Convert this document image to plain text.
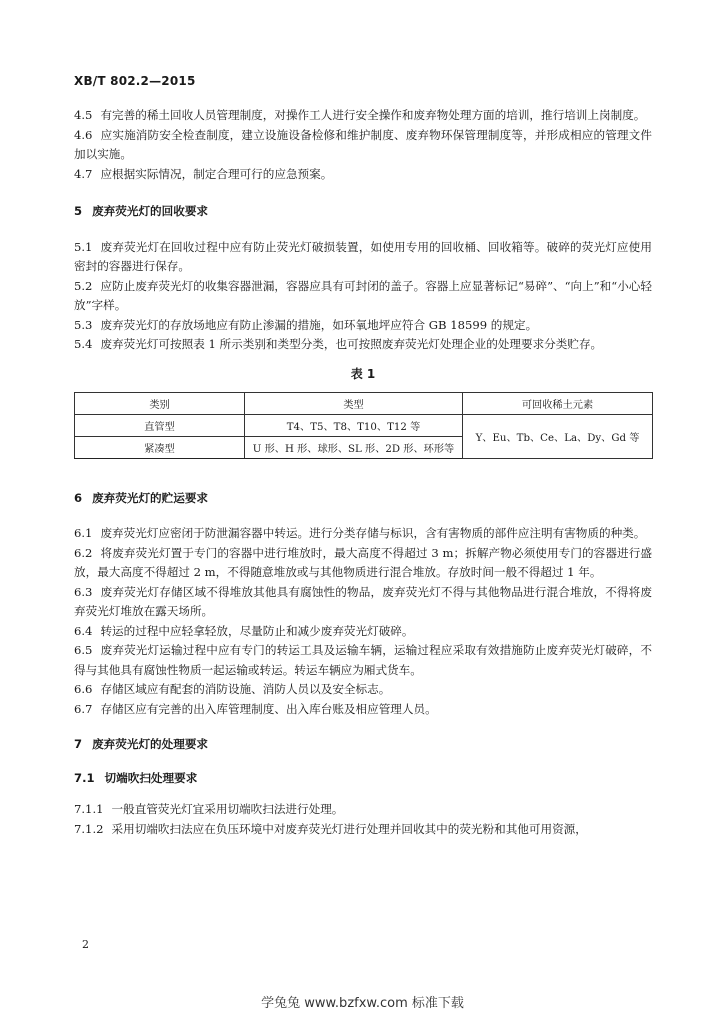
XB/T 802.2—2015

4.5 有完善的稀土回收人员管理制度，对操作工人进行安全操作和废弃物处理方面的培训，推行培训上岗制度。

4.6 应实施消防安全检查制度，建立设施设备检修和维护制度、废弃物环保管理制度等，并形成相应的管理文件加以实施。

4.7 应根据实际情况，制定合理可行的应急预案。

5 废弃荧光灯的回收要求

5.1 废弃荧光灯在回收过程中应有防止荧光灯破损装置，如使用专用的回收桶、回收箱等。破碎的荧光灯应使用密封的容器进行保存。

5.2 应防止废弃荧光灯的收集容器泄漏，容器应具有可封闭的盖子。容器上应显著标记“易碎”、“向上”和“小心轻放”字样。

5.3 废弃荧光灯的存放场地应有防止渗漏的措施，如环氧地坪应符合 GB 18599 的规定。

5.4 废弃荧光灯可按照表 1 所示类别和类型分类，也可按照废弃荧光灯处理企业的处理要求分类贮存。

表 1
类别	类型	可回收稀土元素
直管型	T4、T5、T8、T10、T12 等	Y、Eu、Tb、Ce、La、Dy、Gd 等
紧凑型	U 形、H 形、球形、SL 形、2D 形、环形等	
6 废弃荧光灯的贮运要求

6.1 废弃荧光灯应密闭于防泄漏容器中转运。进行分类存储与标识，含有害物质的部件应注明有害物质的种类。

6.2 将废弃荧光灯置于专门的容器中进行堆放时，最大高度不得超过 3 m；拆解产物必须使用专门的容器进行盛放，最大高度不得超过 2 m，不得随意堆放或与其他物质进行混合堆放。存放时间一般不得超过 1 年。

6.3 废弃荧光灯存储区域不得堆放其他具有腐蚀性的物品，废弃荧光灯不得与其他物品进行混合堆放，不得将废弃荧光灯堆放在露天场所。

6.4 转运的过程中应轻拿轻放，尽量防止和减少废弃荧光灯破碎。

6.5 废弃荧光灯运输过程中应有专门的转运工具及运输车辆，运输过程应采取有效措施防止废弃荧光灯破碎，不得与其他具有腐蚀性物质一起运输或转运。转运车辆应为厢式货车。

6.6 存储区域应有配套的消防设施、消防人员以及安全标志。

6.7 存储区应有完善的出入库管理制度、出入库台账及相应管理人员。

7 废弃荧光灯的处理要求
7.1 切端吹扫处理要求

7.1.1 一般直管荧光灯宜采用切端吹扫法进行处理。

7.1.2 采用切端吹扫法应在负压环境中对废弃荧光灯进行处理并回收其中的荧光粉和其他可用资源，

2
学兔兔 www.bzfxw.com 标准下载
